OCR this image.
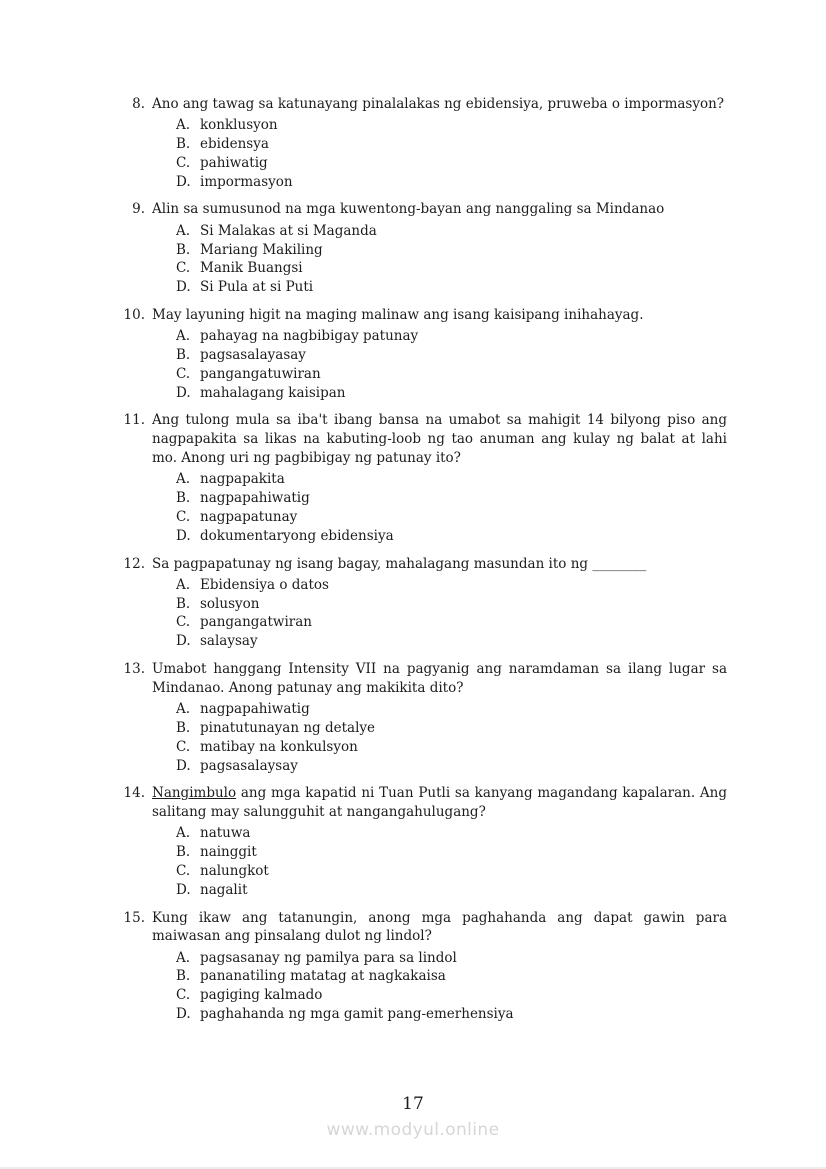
8. Ano ang tawag sa katunayang pinalalakas ng ebidensiya, pruweba o impormasyon?
A. konklusyon
B. ebidensya
C. pahiwatig
D. impormasyon
9. Alin sa sumusunod na mga kuwentong-bayan ang nanggaling sa Mindanao
A. Si Malakas at si Maganda
B. Mariang Makiling
C. Manik Buangsi
D. Si Pula at si Puti
10. May layuning higit na maging malinaw ang isang kaisipang inihahayag.
A. pahayag na nagbibigay patunay
B. pagsasalayasay
C. pangangatuwiran
D. mahalagang kaisipan
11. Ang tulong mula sa iba't ibang bansa na umabot sa mahigit 14 bilyong piso ang
nagpapakita sa likas na kabuting-loob ng tao anuman ang kulay ng balat at lahi
mo. Anong uri ng pagbibigay ng patunay ito?
A. nagpapakita
B. nagpapahiwatig
C. nagpapatunay
D. dokumentaryong ebidensiya
12. Sa pagpapatunay ng isang bagay, mahalagang masundan ito ng ________
A. Ebidensiya o datos
B. solusyon
C. pangangatwiran
D. salaysay
13. Umabot hanggang Intensity VII na pagyanig ang naramdaman sa ilang lugar sa
Mindanao. Anong patunay ang makikita dito?
A. nagpapahiwatig
B. pinatutunayan ng detalye
C. matibay na konkulsyon
D. pagsasalaysay
14. Nangimbulo ang mga kapatid ni Tuan Putli sa kanyang magandang kapalaran. Ang
salitang may salungguhit at nangangahulugang?
A. natuwa
B. nainggit
C. nalungkot
D. nagalit
15. Kung ikaw ang tatanungin, anong mga paghahanda ang dapat gawin para
maiwasan ang pinsalang dulot ng lindol?
A. pagsasanay ng pamilya para sa lindol
B. pananatiling matatag at nagkakaisa
C. pagiging kalmado
D. paghahanda ng mga gamit pang-emerhensiya
17
www.modyul.online
